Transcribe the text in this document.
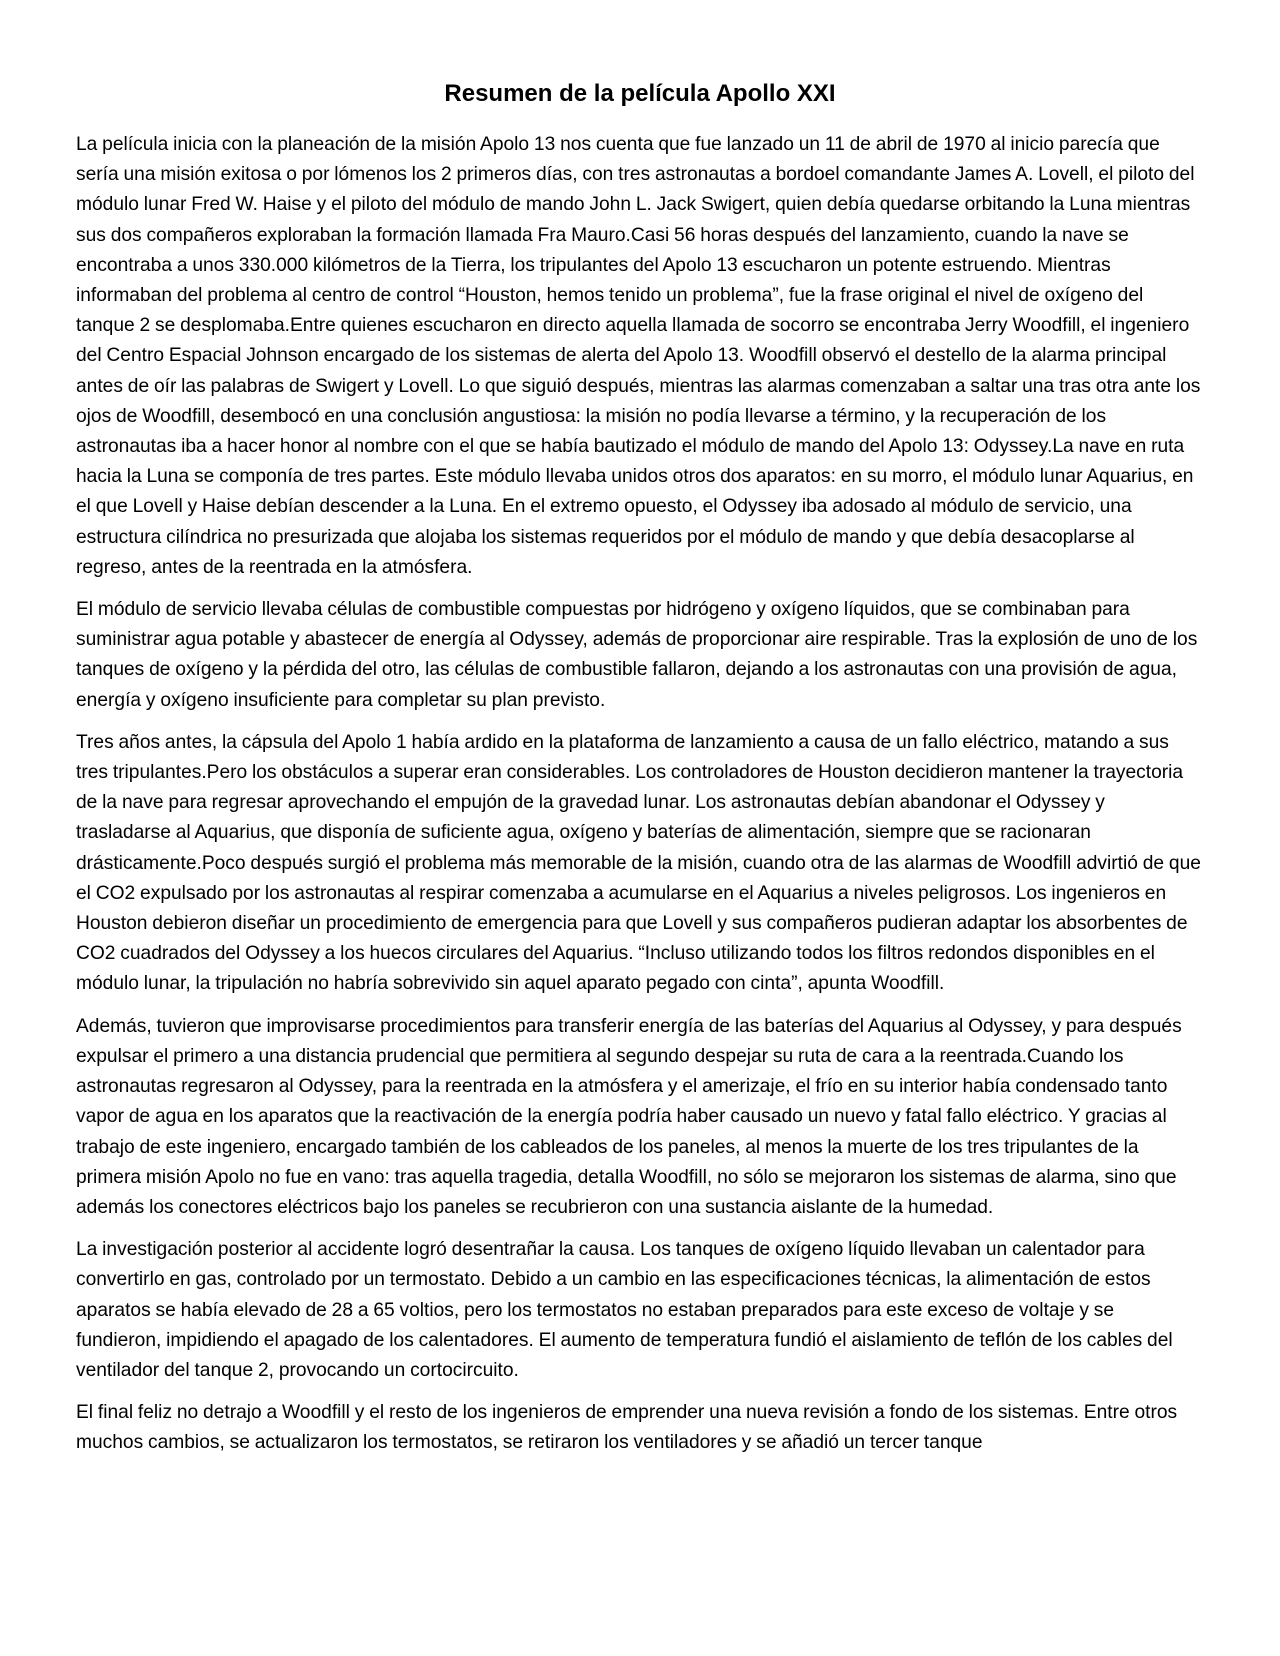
Resumen de la película Apollo XXI

La película inicia con la planeación de la misión Apolo 13 nos cuenta que fue lanzado un 11 de abril de 1970 al inicio parecía que sería una misión exitosa o por lómenos los 2 primeros días, con tres astronautas a bordoel comandante James A. Lovell, el piloto del módulo lunar Fred W. Haise y el piloto del módulo de mando John L. Jack Swigert, quien debía quedarse orbitando la Luna mientras sus dos compañeros exploraban la formación llamada Fra Mauro.Casi 56 horas después del lanzamiento, cuando la nave se encontraba a unos 330.000 kilómetros de la Tierra, los tripulantes del Apolo 13 escucharon un potente estruendo. Mientras informaban del problema al centro de control “Houston, hemos tenido un problema”, fue la frase original el nivel de oxígeno del tanque 2 se desplomaba.Entre quienes escucharon en directo aquella llamada de socorro se encontraba Jerry Woodfill, el ingeniero del Centro Espacial Johnson encargado de los sistemas de alerta del Apolo 13. Woodfill observó el destello de la alarma principal antes de oír las palabras de Swigert y Lovell. Lo que siguió después, mientras las alarmas comenzaban a saltar una tras otra ante los ojos de Woodfill, desembocó en una conclusión angustiosa: la misión no podía llevarse a término, y la recuperación de los astronautas iba a hacer honor al nombre con el que se había bautizado el módulo de mando del Apolo 13: Odyssey.La nave en ruta hacia la Luna se componía de tres partes. Este módulo llevaba unidos otros dos aparatos: en su morro, el módulo lunar Aquarius, en el que Lovell y Haise debían descender a la Luna. En el extremo opuesto, el Odyssey iba adosado al módulo de servicio, una estructura cilíndrica no presurizada que alojaba los sistemas requeridos por el módulo de mando y que debía desacoplarse al regreso, antes de la reentrada en la atmósfera.

El módulo de servicio llevaba células de combustible compuestas por hidrógeno y oxígeno líquidos, que se combinaban para suministrar agua potable y abastecer de energía al Odyssey, además de proporcionar aire respirable. Tras la explosión de uno de los tanques de oxígeno y la pérdida del otro, las células de combustible fallaron, dejando a los astronautas con una provisión de agua, energía y oxígeno insuficiente para completar su plan previsto.

Tres años antes, la cápsula del Apolo 1 había ardido en la plataforma de lanzamiento a causa de un fallo eléctrico, matando a sus tres tripulantes.Pero los obstáculos a superar eran considerables. Los controladores de Houston decidieron mantener la trayectoria de la nave para regresar aprovechando el empujón de la gravedad lunar. Los astronautas debían abandonar el Odyssey y trasladarse al Aquarius, que disponía de suficiente agua, oxígeno y baterías de alimentación, siempre que se racionaran drásticamente.Poco después surgió el problema más memorable de la misión, cuando otra de las alarmas de Woodfill advirtió de que el CO2 expulsado por los astronautas al respirar comenzaba a acumularse en el Aquarius a niveles peligrosos. Los ingenieros en Houston debieron diseñar un procedimiento de emergencia para que Lovell y sus compañeros pudieran adaptar los absorbentes de CO2 cuadrados del Odyssey a los huecos circulares del Aquarius. “Incluso utilizando todos los filtros redondos disponibles en el módulo lunar, la tripulación no habría sobrevivido sin aquel aparato pegado con cinta”, apunta Woodfill.

Además, tuvieron que improvisarse procedimientos para transferir energía de las baterías del Aquarius al Odyssey, y para después expulsar el primero a una distancia prudencial que permitiera al segundo despejar su ruta de cara a la reentrada.Cuando los astronautas regresaron al Odyssey, para la reentrada en la atmósfera y el amerizaje, el frío en su interior había condensado tanto vapor de agua en los aparatos que la reactivación de la energía podría haber causado un nuevo y fatal fallo eléctrico. Y gracias al trabajo de este ingeniero, encargado también de los cableados de los paneles, al menos la muerte de los tres tripulantes de la primera misión Apolo no fue en vano: tras aquella tragedia, detalla Woodfill, no sólo se mejoraron los sistemas de alarma, sino que además los conectores eléctricos bajo los paneles se recubrieron con una sustancia aislante de la humedad.

La investigación posterior al accidente logró desentrañar la causa. Los tanques de oxígeno líquido llevaban un calentador para convertirlo en gas, controlado por un termostato. Debido a un cambio en las especificaciones técnicas, la alimentación de estos aparatos se había elevado de 28 a 65 voltios, pero los termostatos no estaban preparados para este exceso de voltaje y se fundieron, impidiendo el apagado de los calentadores. El aumento de temperatura fundió el aislamiento de teflón de los cables del ventilador del tanque 2, provocando un cortocircuito.

El final feliz no detrajo a Woodfill y el resto de los ingenieros de emprender una nueva revisión a fondo de los sistemas. Entre otros muchos cambios, se actualizaron los termostatos, se retiraron los ventiladores y se añadió un tercer tanque
